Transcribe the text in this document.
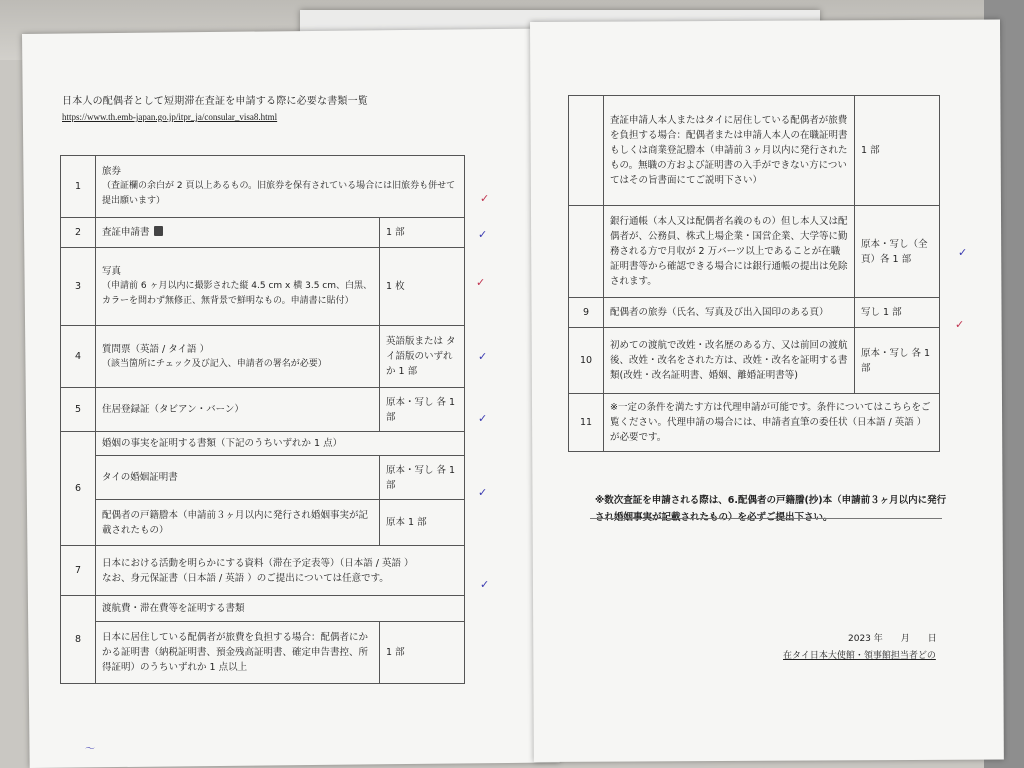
日本人の配偶者として短期滞在査証を申請する際に必要な書類一覧
https://www.th.emb-japan.go.jp/itpr_ja/consular_visa8.html
1	旅券
（査証欄の余白が 2 頁以上あるもの。旧旅券を保有されている場合には旧旅券も併せて提出願います）	

2	査証申請書	1 部
3	写真
（申請前 6 ヶ月以内に撮影された縦 4.5 cm x 横 3.5 cm、白黒、カラーを問わず無修正、無背景で鮮明なもの。申請書に貼付）	1 枚
4	質問票（英語 / タイ語 ）
（該当箇所にチェック及び記入、申請者の署名が必要）	英語版または タイ語版のいずれか 1 部
5	住居登録証（タビアン・バーン）	原本・写し 各 1 部
6	婚姻の事実を証明する書類（下記のうちいずれか 1 点）	
	タイの婚姻証明書	原本・写し 各 1 部
	配偶者の戸籍謄本（申請前３ヶ月以内に発行され婚姻事実が記載されたもの）	原本 1 部
7	日本における活動を明らかにする資料（滞在予定表等）（日本語 / 英語 ）
なお、身元保証書（日本語 / 英語 ）のご提出については任意です。	

8	渡航費・滞在費等を証明する書類	
	日本に居住している配偶者が旅費を負担する場合：配偶者にかかる証明書（納税証明書、預金残高証明書、確定申告書控、所得証明）のうちいずれか 1 点以上	1 部
	査証申請人本人またはタイに居住している配偶者が旅費を負担する場合：配偶者または申請人本人の在職証明書もしくは商業登記謄本（申請前３ヶ月以内に発行されたもの。無職の方および証明書の入手ができない方についてはその旨書面にてご説明下さい）	1 部
	銀行通帳（本人又は配偶者名義のもの）但し本人又は配偶者が、公務員、株式上場企業・国営企業、大学等に勤務される方で月収が 2 万バーツ以上であることが在職証明書等から確認できる場合には銀行通帳の提出は免除されます。	原本・写し（全頁）各 1 部
9	配偶者の旅券（氏名、写真及び出入国印のある頁）	写し 1 部
10	初めての渡航で改姓・改名歴のある方、又は前回の渡航後、改姓・改名をされた方は、改姓・改名を証明する書類(改姓・改名証明書、婚姻、離婚証明書等)	原本・写し 各 1 部
11	※一定の条件を満たす方は代理申請が可能です。条件についてはこちらをご覧ください。代理申請の場合には、申請者直筆の委任状（日本語 / 英語 ）が必要です。	
※数次査証を申請される際は、6.配偶者の戸籍謄(抄)本（申請前３ヶ月以内に発行され婚姻事実が記載されたもの）を必ずご提出下さい。
2023 年　　月　　日
在タイ日本大使館・領事館担当者どの
✓
✓
✓
✓
✓
✓
✓
✓
✓
～
